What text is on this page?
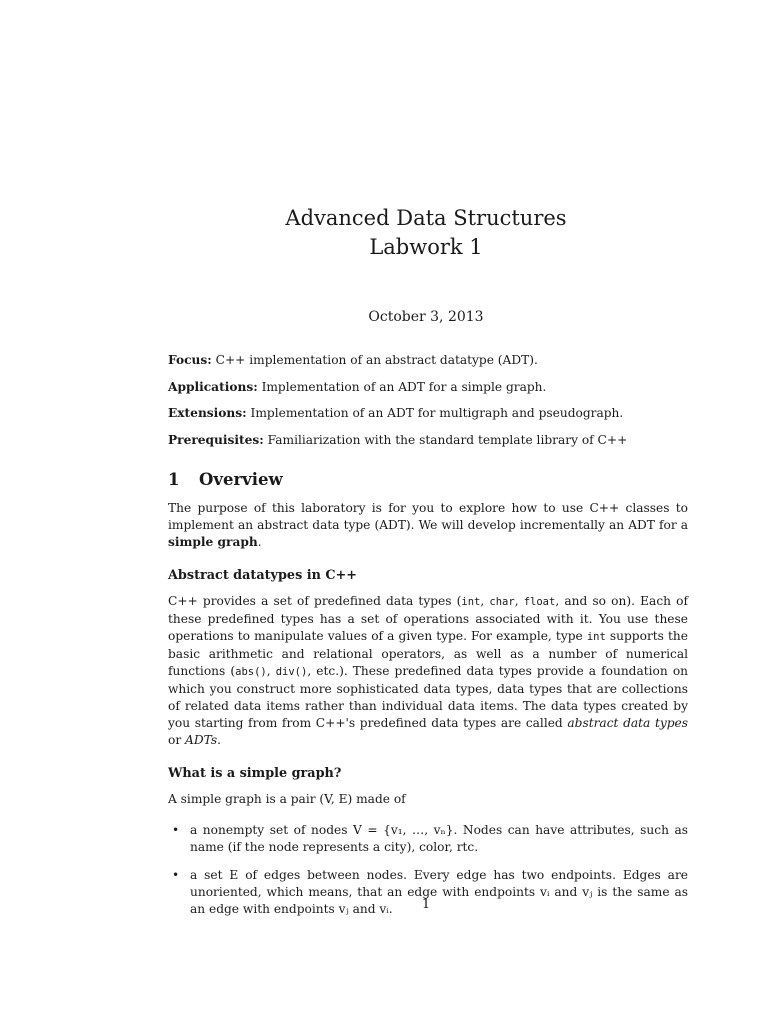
Advanced Data Structures
Labwork 1
October 3, 2013
Focus: C++ implementation of an abstract datatype (ADT).
Applications: Implementation of an ADT for a simple graph.
Extensions: Implementation of an ADT for multigraph and pseudograph.
Prerequisites: Familiarization with the standard template library of C++
1 Overview

The purpose of this laboratory is for you to explore how to use C++ classes to implement an abstract data type (ADT). We will develop incrementally an ADT for a simple graph.

Abstract datatypes in C++

C++ provides a set of predefined data types (int, char, float, and so on). Each of these predefined types has a set of operations associated with it. You use these operations to manipulate values of a given type. For example, type int supports the basic arithmetic and relational operators, as well as a number of numerical functions (abs(), div(), etc.). These predefined data types provide a foundation on which you construct more sophisticated data types, data types that are collections of related data items rather than individual data items. The data types created by you starting from from C++'s predefined data types are called abstract data types or ADTs.

What is a simple graph?

A simple graph is a pair (V, E) made of

• a nonempty set of nodes V = {v₁, …, vₙ}. Nodes can have attributes, such as name (if the node represents a city), color, rtc.
• a set E of edges between nodes. Every edge has two endpoints. Edges are unoriented, which means, that an edge with endpoints vᵢ and vⱼ is the same as an edge with endpoints vⱼ and vᵢ.	1
